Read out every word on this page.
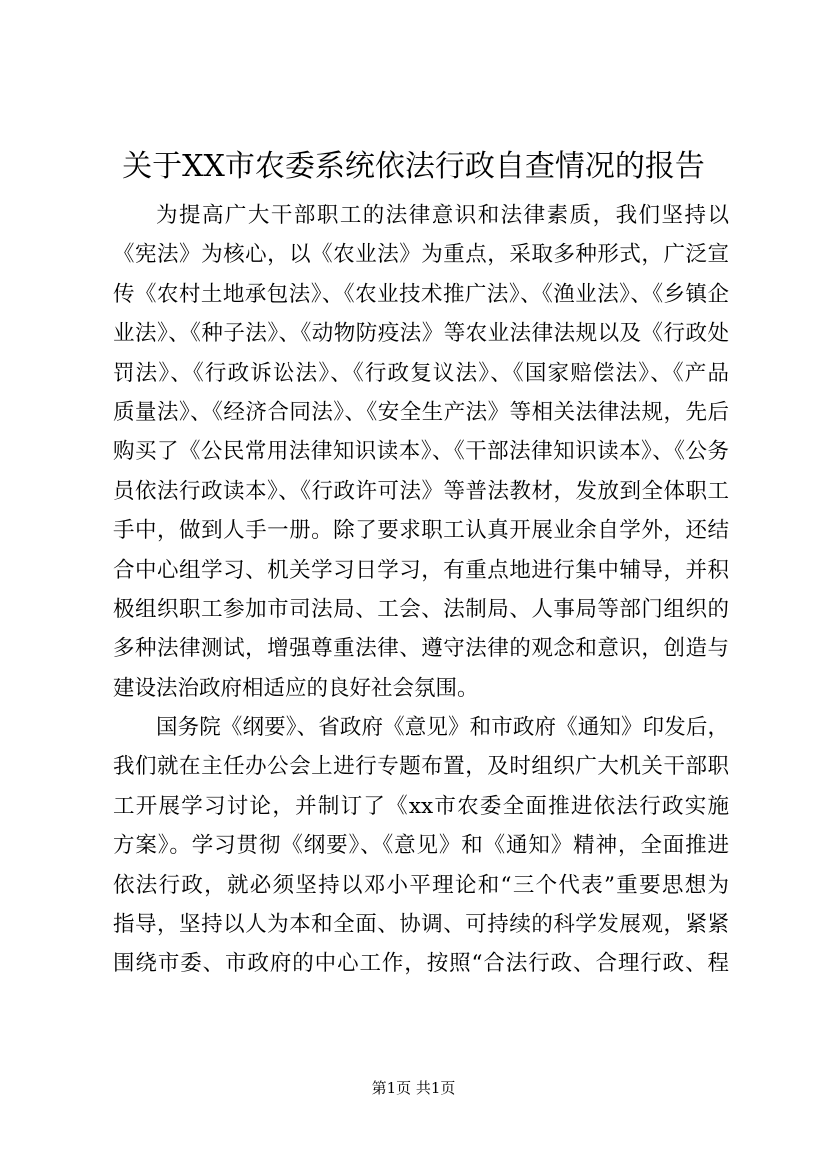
关于XX市农委系统依法行政自查情况的报告
为提高广大干部职工的法律意识和法律素质，我们坚持以
《宪法》为核心，以《农业法》为重点，采取多种形式，广泛宣
传《农村土地承包法》、《农业技术推广法》、《渔业法》、《乡镇企
业法》、《种子法》、《动物防疫法》等农业法律法规以及《行政处
罚法》、《行政诉讼法》、《行政复议法》、《国家赔偿法》、《产品
质量法》、《经济合同法》、《安全生产法》等相关法律法规，先后
购买了《公民常用法律知识读本》、《干部法律知识读本》、《公务
员依法行政读本》、《行政许可法》等普法教材，发放到全体职工
手中，做到人手一册。除了要求职工认真开展业余自学外，还结
合中心组学习、机关学习日学习，有重点地进行集中辅导，并积
极组织职工参加市司法局、工会、法制局、人事局等部门组织的
多种法律测试，增强尊重法律、遵守法律的观念和意识，创造与
建设法治政府相适应的良好社会氛围。
国务院《纲要》、省政府《意见》和市政府《通知》印发后，
我们就在主任办公会上进行专题布置，及时组织广大机关干部职
工开展学习讨论，并制订了《xx市农委全面推进依法行政实施
方案》。学习贯彻《纲要》、《意见》和《通知》精神，全面推进
依法行政，就必须坚持以邓小平理论和“三个代表”重要思想为
指导，坚持以人为本和全面、协调、可持续的科学发展观，紧紧
围绕市委、市政府的中心工作，按照“合法行政、合理行政、程
第1页 共1页
